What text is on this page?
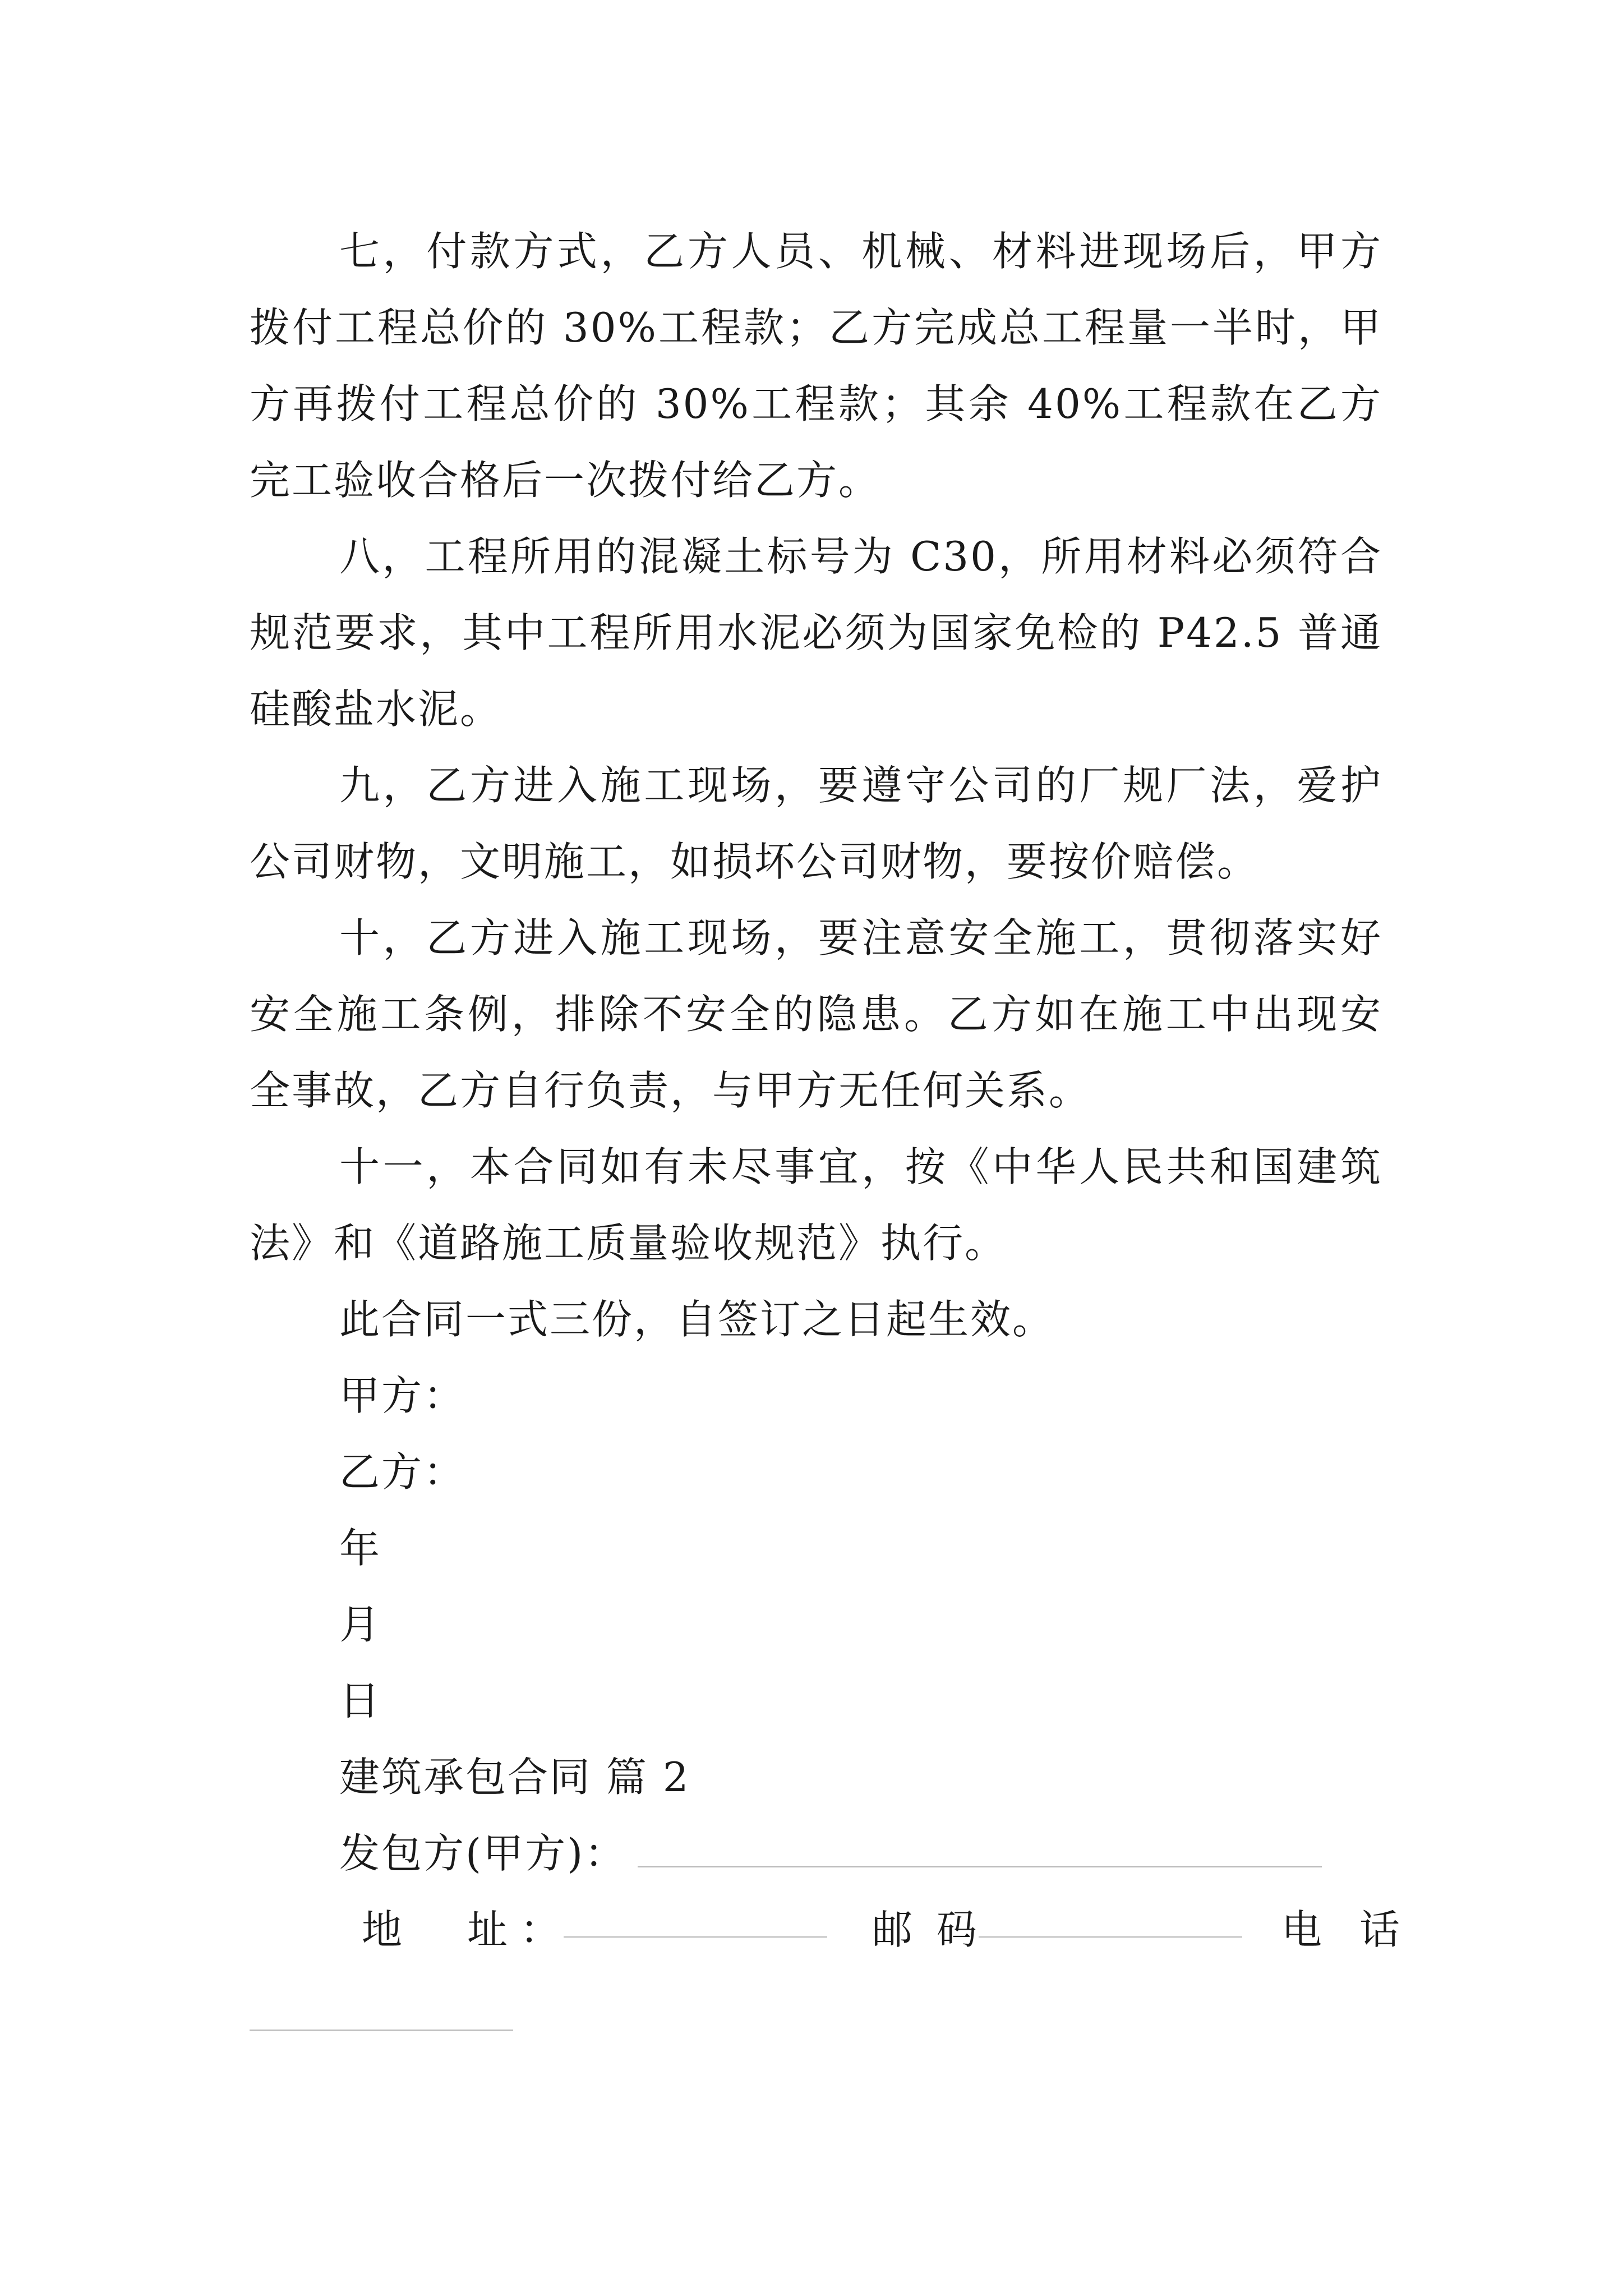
七，付款方式，乙方人员、机械、材料进现场后，甲方拨付工程总价的 30%工程款；乙方完成总工程量一半时，甲方再拨付工程总价的 30%工程款；其余 40%工程款在乙方完工验收合格后一次拨付给乙方。

八，工程所用的混凝土标号为 C30，所用材料必须符合规范要求，其中工程所用水泥必须为国家免检的 P42.5 普通硅酸盐水泥。

九，乙方进入施工现场，要遵守公司的厂规厂法，爱护公司财物，文明施工，如损坏公司财物，要按价赔偿。

十，乙方进入施工现场，要注意安全施工，贯彻落实好安全施工条例，排除不安全的隐患。乙方如在施工中出现安全事故，乙方自行负责，与甲方无任何关系。

十一，本合同如有未尽事宜，按《中华人民共和国建筑法》和《道路施工质量验收规范》执行。

此合同一式三份，自签订之日起生效。

甲方：

乙方：

年

月

日

建筑承包合同 篇 2

发包方(甲方)：

地　址：	邮 码	电 话
